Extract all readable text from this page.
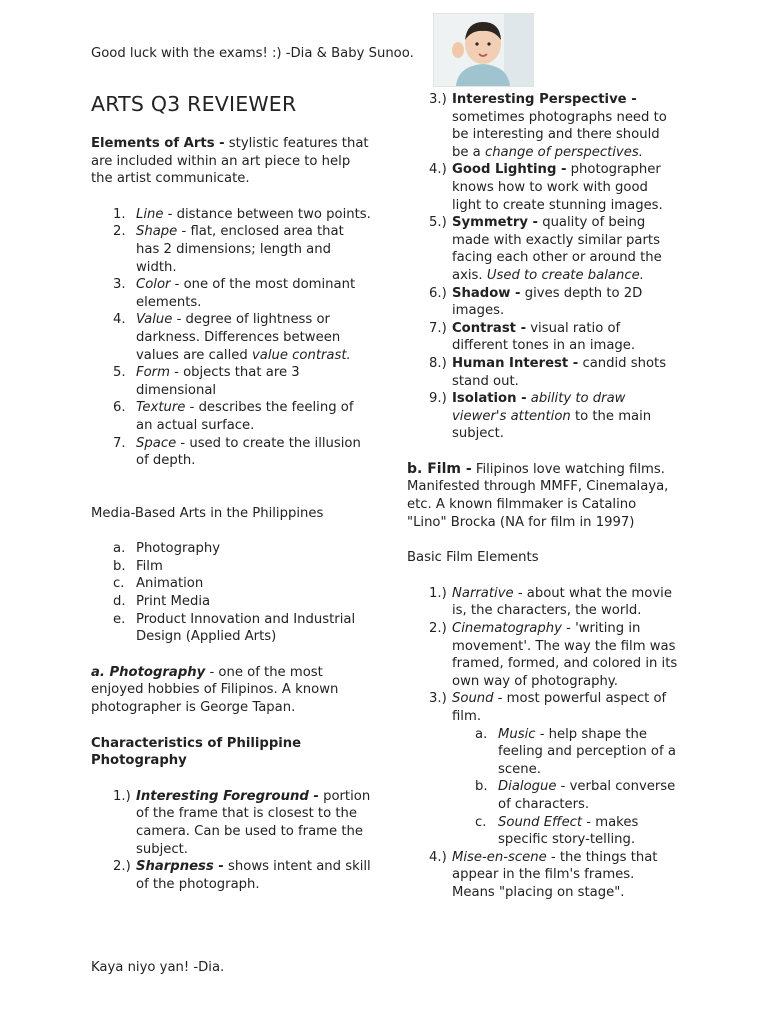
Good luck with the exams! :) -Dia & Baby Sunoo.
ARTS Q3 REVIEWER

Elements of Arts - stylistic features that are included within an art piece to help the artist communicate.

1. Line - distance between two points.
2. Shape - flat, enclosed area that has 2 dimensions; length and width.
3. Color - one of the most dominant elements.
4. Value - degree of lightness or darkness. Differences between values are called value contrast.
5. Form - objects that are 3 dimensional
6. Texture - describes the feeling of an actual surface.
7. Space - used to create the illusion of depth.

Media-Based Arts in the Philippines

a. Photography
b. Film
c. Animation
d. Print Media
e. Product Innovation and Industrial Design (Applied Arts)

a. Photography - one of the most enjoyed hobbies of Filipinos. A known photographer is George Tapan.

Characteristics of Philippine Photography

1.) Interesting Foreground - portion of the frame that is closest to the camera. Can be used to frame the subject.
2.) Sharpness - shows intent and skill of the photograph.
3.) Interesting Perspective - sometimes photographs need to be interesting and there should be a change of perspectives.
4.) Good Lighting - photographer knows how to work with good light to create stunning images.
5.) Symmetry - quality of being made with exactly similar parts facing each other or around the axis. Used to create balance.
6.) Shadow - gives depth to 2D images.
7.) Contrast - visual ratio of different tones in an image.
8.) Human Interest - candid shots stand out.
9.) Isolation - ability to draw viewer's attention to the main subject.

b. Film - Filipinos love watching films. Manifested through MMFF, Cinemalaya, etc. A known filmmaker is Catalino "Lino" Brocka (NA for film in 1997)

Basic Film Elements

1.) Narrative - about what the movie is, the characters, the world.
2.) Cinematography - 'writing in movement'. The way the film was framed, formed, and colored in its own way of photography.
3.) Sound - most powerful aspect of film.
a. Music - help shape the feeling and perception of a scene.
b. Dialogue - verbal converse of characters.
c. Sound Effect - makes specific story-telling.
4.) Mise-en-scene - the things that appear in the film's frames. Means "placing on stage".
Kaya niyo yan! -Dia.
